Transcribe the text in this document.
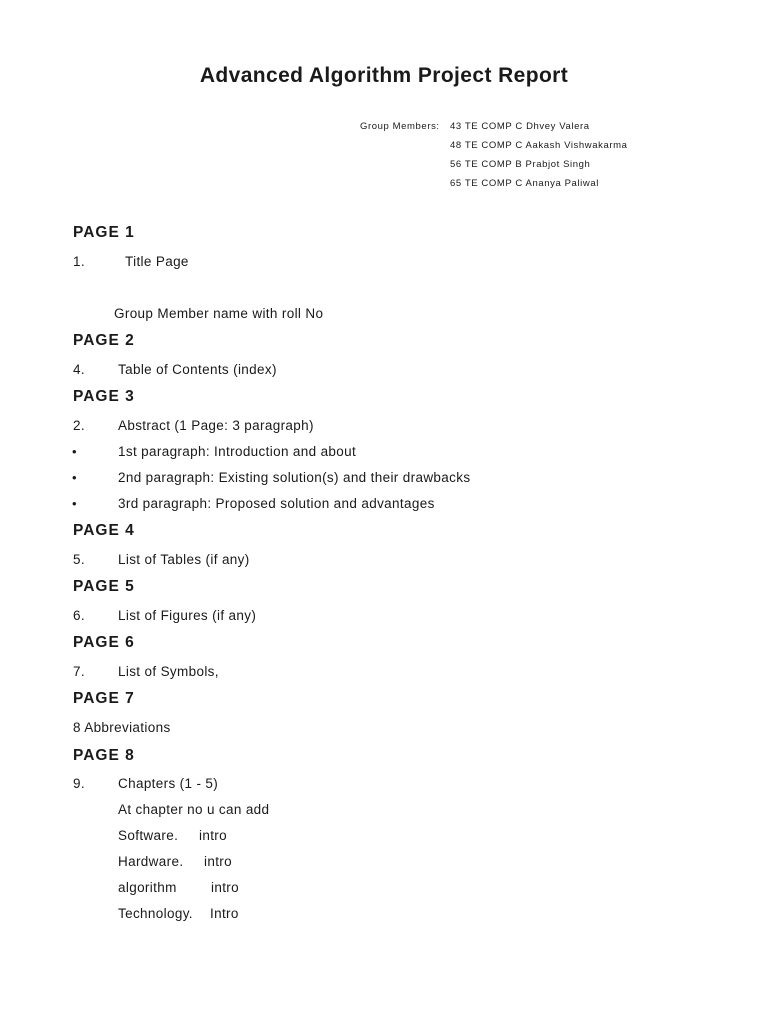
Advanced Algorithm Project Report
Group Members: 43 TE COMP C Dhvey Valera
48 TE COMP C Aakash Vishwakarma
56 TE COMP B Prabjot Singh
65 TE COMP C Ananya Paliwal
PAGE 1
1.	Title Page
Group Member name with roll No
PAGE 2
4. Table of Contents (index)
PAGE 3
2. Abstract (1 Page: 3 paragraph)
•	1st paragraph: Introduction and about
•	2nd paragraph: Existing solution(s) and their drawbacks
•	3rd paragraph: Proposed solution and advantages
PAGE 4
5. List of Tables (if any)
PAGE 5
6. List of Figures (if any)
PAGE 6
7. List of Symbols,
PAGE 7
8 Abbreviations
PAGE 8
9. Chapters (1 - 5)
At chapter no u can add
Software. intro
Hardware. intro
algorithm	intro
Technology. Intro
